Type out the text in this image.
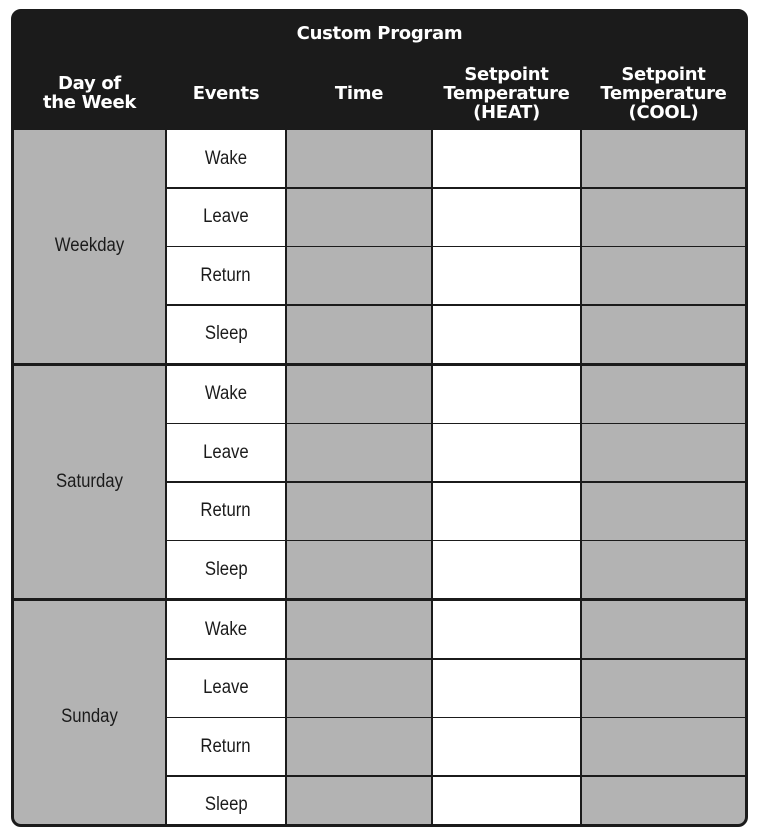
Custom Program
Day of
the Week	Events	Time
Setpoint
Temperature
(HEAT)
Setpoint
Temperature
(COOL)
Weekday
Wake
Leave
Return
Sleep
Saturday
Wake
Leave
Return
Sleep
Sunday
Wake
Leave
Return
Sleep
